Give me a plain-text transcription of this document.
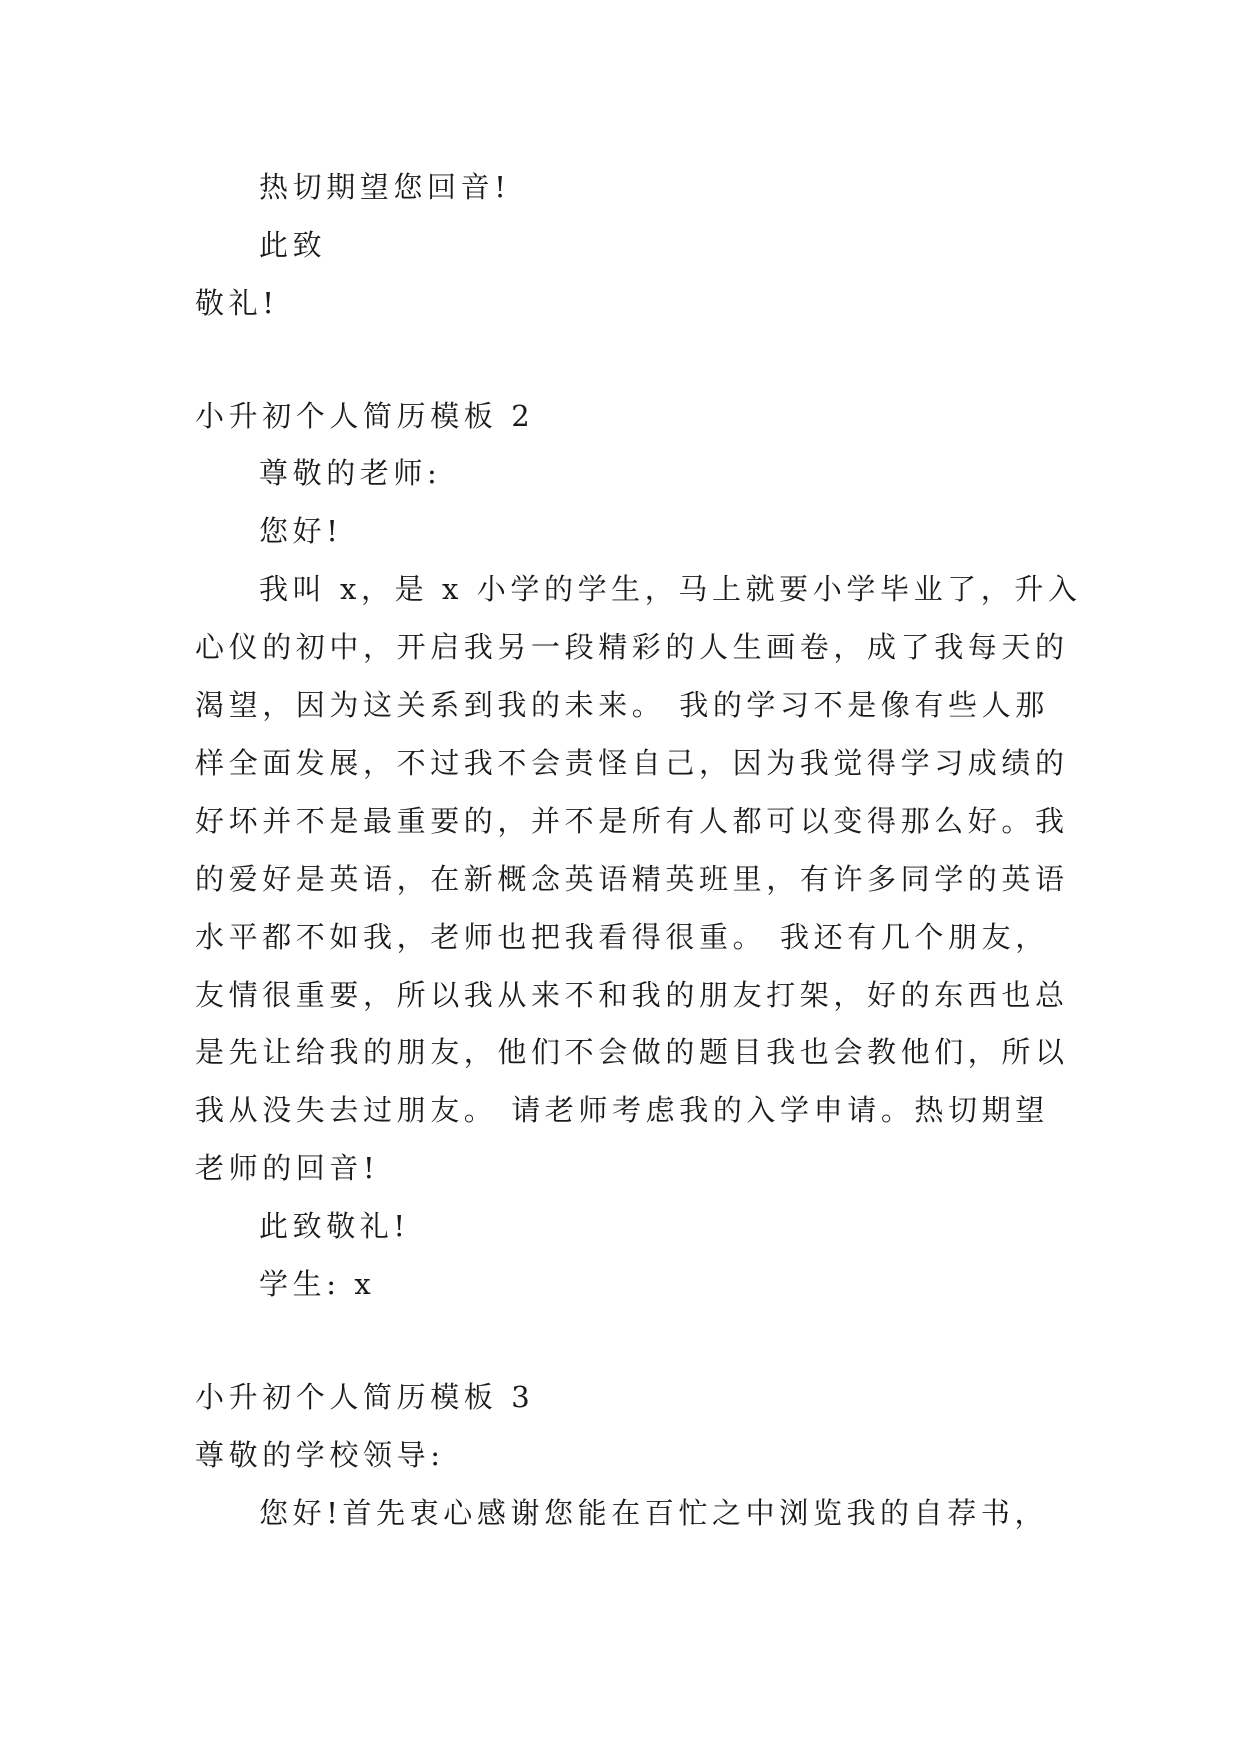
热切期望您回音!
此致
敬礼!
小升初个人简历模板 2
尊敬的老师:
您好!
我叫 x，是 x 小学的学生，马上就要小学毕业了，升入
心仪的初中，开启我另一段精彩的人生画卷，成了我每天的
渴望，因为这关系到我的未来。 我的学习不是像有些人那
样全面发展，不过我不会责怪自己，因为我觉得学习成绩的
好坏并不是最重要的，并不是所有人都可以变得那么好。我
的爱好是英语，在新概念英语精英班里，有许多同学的英语
水平都不如我，老师也把我看得很重。 我还有几个朋友，
友情很重要，所以我从来不和我的朋友打架，好的东西也总
是先让给我的朋友，他们不会做的题目我也会教他们，所以
我从没失去过朋友。 请老师考虑我的入学申请。热切期望
老师的回音!
此致敬礼!
学生: x
小升初个人简历模板 3
尊敬的学校领导:
您好!首先衷心感谢您能在百忙之中浏览我的自荐书，
